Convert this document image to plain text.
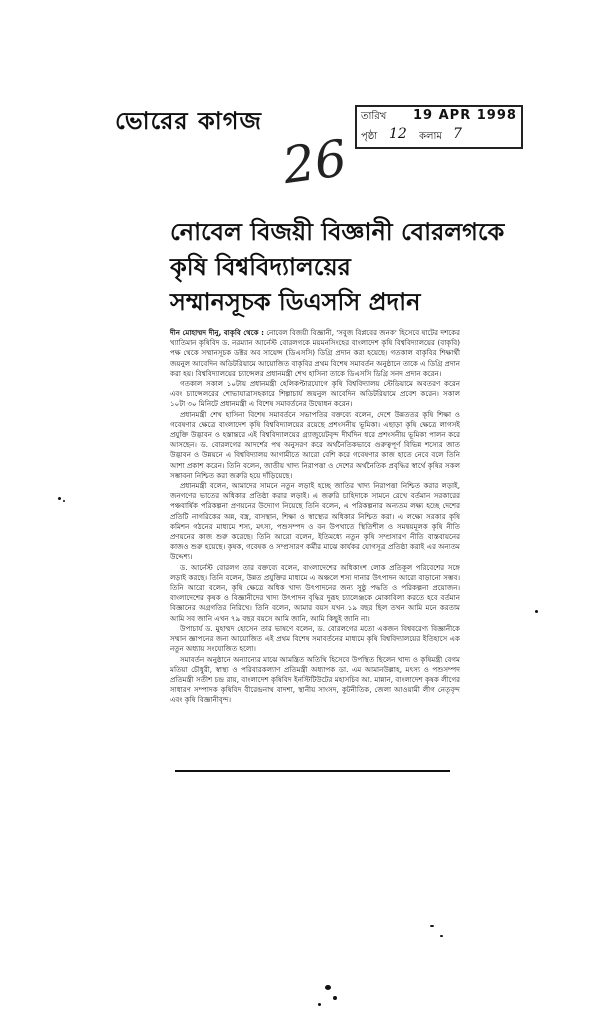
ভোরের কাগজ	তারিখ 19 APR 1998
পৃষ্ঠা 12 কলাম 7
26
নোবেল বিজয়ী বিজ্ঞানী বোরলগকে
কৃষি বিশ্ববিদ্যালয়ের
সম্মানসূচক ডিএসসি প্রদান

দীন মোহাম্মদ দীনু, বাকৃবি থেকে : নোবেল বিজয়ী বিজ্ঞানী, 'সবুজ বিপ্লবের জনক' হিসেবে ষাটের দশকের খ্যাতিমান কৃষিবিদ ড. নরম্যান আর্নেস্ট বোরলগকে ময়মনসিংহের বাংলাদেশ কৃষি বিশ্ববিদ্যালয়ের (বাকৃবি) পক্ষ থেকে সম্মানসূচক ডক্টর অব সায়েন্স (ডিএসসি) ডিগ্রি প্রদান করা হয়েছে। গতকাল বাকৃবির শিক্ষার্থী জয়নুল আবেদিন অডিটরিয়ামে আয়োজিত বাকৃবির প্রথম বিশেষ সমাবর্তন অনুষ্ঠানে তাকে এ ডিগ্রি প্রদান করা হয়। বিশ্ববিদ্যালয়ের চ্যান্সেলর প্রধানমন্ত্রী শেখ হাসিনা তাকে ডিএসসি ডিগ্রি সনদ প্রদান করেন।

গতকাল সকাল ১০টায় প্রধানমন্ত্রী হেলিকপ্টারযোগে কৃষি বিশ্ববিদ্যালয় স্টেডিয়ামে অবতরণ করেন এবং চ্যান্সেলরের শোভাযাত্রাসহকারে শিল্পাচার্য জয়নুল আবেদিন অডিটরিয়ামে প্রবেশ করেন। সকাল ১০টা ৩০ মিনিটে প্রধানমন্ত্রী এ বিশেষ সমাবর্তনের উদ্বোধন করেন।

প্রধানমন্ত্রী শেখ হাসিনা বিশেষ সমাবর্তনে সভাপতির বক্তব্যে বলেন, দেশে উন্নততর কৃষি শিক্ষা ও গবেষণার ক্ষেত্রে বাংলাদেশ কৃষি বিশ্ববিদ্যালয়ের রয়েছে প্রশংসনীয় ভূমিকা। এছাড়া কৃষি ক্ষেত্রে লাগসই প্রযুক্তি উদ্ভাবন ও হস্তান্তরে এই বিশ্ববিদ্যালয়ের গ্র্যাজুয়েটবৃন্দ দীর্ঘদিন ধরে প্রশংসনীয় ভূমিকা পালন করে আসছেন। ড. বোরলগের আদর্শের পথ অনুসরণ করে অর্থনৈতিকভাবে গুরুত্বপূর্ণ বিভিন্ন শস্যের জাত উদ্ভাবন ও উন্নয়নে এ বিশ্ববিদ্যালয় আগামীতে আরো বেশি করে গবেষণার কাজ হাতে নেবে বলে তিনি আশা প্রকাশ করেন। তিনি বলেন, জাতীয় খাদ্য নিরাপত্তা ও দেশের অর্থনৈতিক প্রবৃদ্ধির স্বার্থে কৃষির সকল সম্ভাবনা নিশ্চিত করা জরুরি হয়ে দাঁড়িয়েছে।

প্রধানমন্ত্রী বলেন, আমাদের সামনে নতুন লড়াই হচ্ছে জাতির খাদ্য নিরাপত্তা নিশ্চিত করার লড়াই, জনগণের ভাতের অধিকার প্রতিষ্ঠা করার লড়াই। এ জরুরি চাহিদাকে সামনে রেখে বর্তমান সরকারের পঞ্চবার্ষিক পরিকল্পনা প্রণয়নের উদ্যোগ নিয়েছে তিনি বলেন, এ পরিকল্পনার অন্যতম লক্ষ্য হচ্ছে দেশের প্রতিটি নাগরিকের অন্ন, বস্ত্র, বাসস্থান, শিক্ষা ও স্বাস্থ্যের অধিকার নিশ্চিত করা। এ লক্ষ্যে সরকার কৃষি কমিশন গঠনের মাধ্যমে শস্য, মৎস্য, পশুসম্পদ ও বন উপখাতে স্থিতিশীল ও সমন্বয়মূলক কৃষি নীতি প্রণয়নের কাজ শুরু করেছে। তিনি আরো বলেন, ইতিমধ্যে নতুন কৃষি সম্প্রসারণ নীতি বাস্তবায়নের কাজও শুরু হয়েছে। কৃষক, গবেষক ও সম্প্রসারণ কর্মীর মাঝে কার্যকর যোগসূত্র প্রতিষ্ঠা করাই এর অন্যতম উদ্দেশ্য।

ড. আর্নেস্ট বোরলগ তার বক্তব্যে বলেন, বাংলাদেশের অধিকাংশ লোক প্রতিকূল পরিবেশের সঙ্গে লড়াই করছে। তিনি বলেন, উন্নত প্রযুক্তির মাধ্যমে এ অঞ্চলে শস্য দানার উৎপাদন আরো বাড়ানো সম্ভব। তিনি আরো বলেন, কৃষি ক্ষেত্রে অধিক খাদ্য উৎপাদনের জন্য সুষ্ঠু পদ্ধতি ও পরিকল্পনা প্রয়োজন। বাংলাদেশের কৃষক ও বিজ্ঞানীদের খাদ্য উৎপাদন বৃদ্ধির দুরূহ চ্যালেঞ্জকে মোকাবিলা করতে হবে বর্তমান বিজ্ঞানের অগ্রগতির নিরিখে। তিনি বলেন, আমার বয়স যখন ১৯ বছর ছিল তখন আমি মনে করতাম আমি সব জানি এখন ৭৯ বছর বয়সে আমি জানি, আমি কিছুই জানি না।

উপাচার্য ড. মুহাম্মদ হোসেন তার ভাষণে বলেন, ড. বোরলগের মতো একজন বিশ্ববরেণ্য বিজ্ঞানীকে সম্মান জ্ঞাপনের জন্য আয়োজিত এই প্রথম বিশেষ সমাবর্তনের মাধ্যমে কৃষি বিশ্ববিদ্যালয়ের ইতিহাসে এক নতুন অধ্যায় সংযোজিত হলো।

সমাবর্তন অনুষ্ঠানে অন্যান্যের মাঝে আমন্ত্রিত অতিথি হিসেবে উপস্থিত ছিলেন খাদ্য ও কৃষিমন্ত্রী বেগম মতিয়া চৌধুরী, স্বাস্থ্য ও পরিবারকল্যাণ প্রতিমন্ত্রী অধ্যাপক ডা. এম আমানউল্লাহ, মৎস্য ও পশুসম্পদ প্রতিমন্ত্রী সতীশ চন্দ্র রায়, বাংলাদেশ কৃষিবিদ ইনস্টিটিউটের মহাসচিব আ. মান্নান, বাংলাদেশ কৃষক লীগের সাধারণ সম্পাদক কৃষিবিদ বীরেন্দ্রনাথ বাদশা, স্থানীয় সাংসদ, কূটনীতিক, জেলা আওয়ামী লীগ নেতৃবৃন্দ এবং কৃষি বিজ্ঞানীবৃন্দ।
